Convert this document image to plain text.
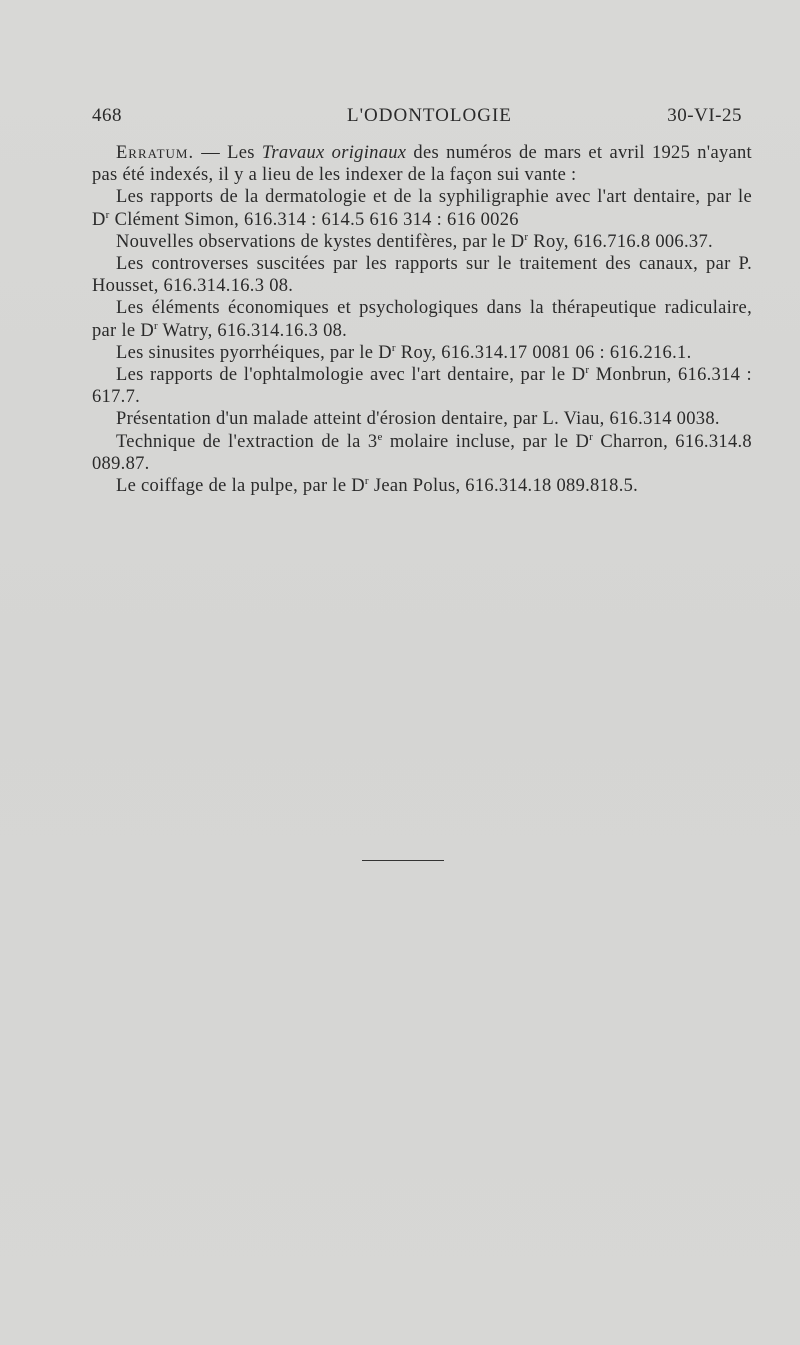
468	L'ODONTOLOGIE	30-VI-25

Erratum. — Les Travaux originaux des numéros de mars et avril 1925 n'ayant pas été indexés, il y a lieu de les indexer de la façon sui vante :

Les rapports de la dermatologie et de la syphiligraphie avec l'art dentaire, par le $D^r$ Clément Simon, 616.314 : 614.5 616 314 : 616 0026

Nouvelles observations de kystes dentifères, par le $D^r$ Roy, 616.716.8 006.37.

Les controverses suscitées par les rapports sur le traitement des canaux, par P. Housset, 616.314.16.3 08.

Les éléments économiques et psychologiques dans la thérapeutique radiculaire, par le $D^r$ Watry, 616.314.16.3 08.

Les sinusites pyorrhéiques, par le $D^r$ Roy, 616.314.17 0081 06 : 616.216.1.

Les rapports de l'ophtalmologie avec l'art dentaire, par le $D^r$ Monbrun, 616.314 : 617.7.

Présentation d'un malade atteint d'érosion dentaire, par L. Viau, 616.314 0038.

Technique de l'extraction de la 3e molaire incluse, par le $D^r$ Charron, 616.314.8 089.87.

Le coiffage de la pulpe, par le $D^r$ Jean Polus, 616.314.18 089.818.5.
